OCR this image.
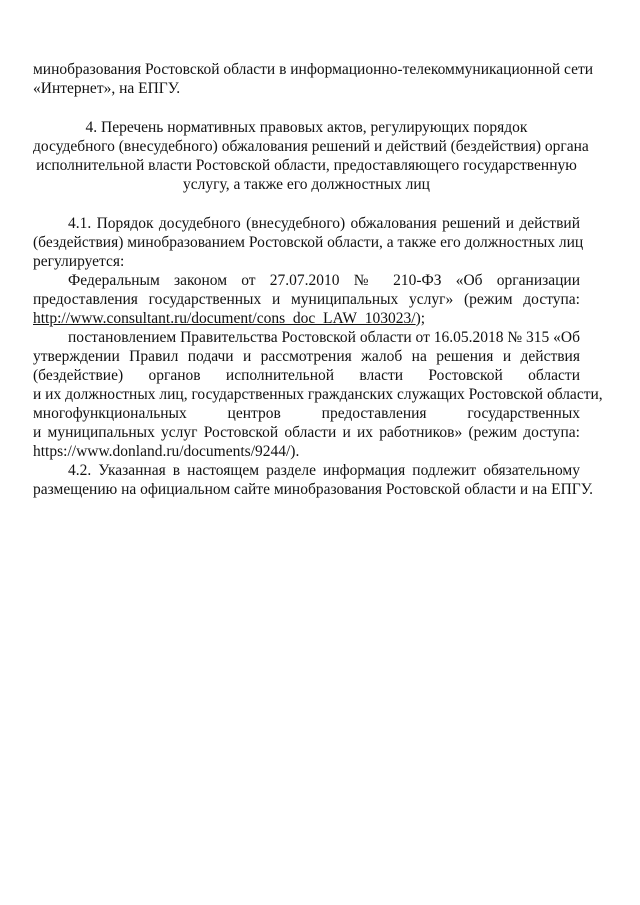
минобразования Ростовской области в информационно-телекоммуникационной сети
«Интернет», на ЕПГУ.
4. Перечень нормативных правовых актов, регулирующих порядок
досудебного (внесудебного) обжалования решений и действий (бездействия) органа
исполнительной власти Ростовской области, предоставляющего государственную
услугу, а также его должностных лиц
4.1. Порядок досудебного (внесудебного) обжалования решений и действий
(бездействия) минобразованием Ростовской области, а также его должностных лиц
регулируется:
Федеральным законом от 27.07.2010 № 210-ФЗ «Об организации
предоставления государственных и муниципальных услуг» (режим доступа:
http://www.consultant.ru/document/cons_doc_LAW_103023/);
постановлением Правительства Ростовской области от 16.05.2018 № 315 «Об
утверждении Правил подачи и рассмотрения жалоб на решения и действия
(бездействие) органов исполнительной власти Ростовской области
и их должностных лиц, государственных гражданских служащих Ростовской области,
многофункциональных центров предоставления государственных
и муниципальных услуг Ростовской области и их работников» (режим доступа:
https://www.donland.ru/documents/9244/).
4.2. Указанная в настоящем разделе информация подлежит обязательному
размещению на официальном сайте минобразования Ростовской области и на ЕПГУ.
